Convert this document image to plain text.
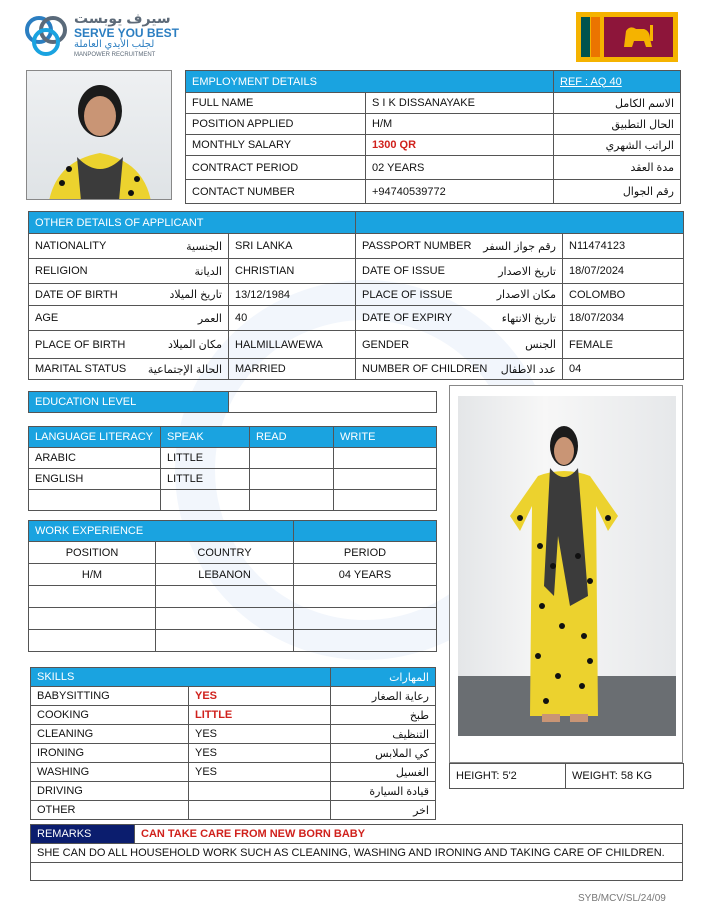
سيرف يوبست
SERVE YOU BEST
لجلب الأيدي العاملة
MANPOWER RECRUITMENT
EMPLOYMENT DETAILS		REF : AQ 40
FULL NAME	S I K DISSANAYAKE	الاسم الكامل
POSITION APPLIED	H/M	الحال التطبيق
MONTHLY SALARY	1300 QR	الراتب الشهري
CONTRACT PERIOD	02 YEARS	مدة العقد
CONTACT NUMBER	+94740539772	رقم الجوال
OTHER DETAILS OF APPLICANT	
NATIONALITY الجنسية	SRI LANKA	PASSPORT NUMBER رقم جواز السفر	N11474123

RELIGION الديانة	CHRISTIAN	DATE OF ISSUE تاريخ الاصدار	18/07/2024

DATE OF BIRTH تاريخ الميلاد	13/12/1984	PLACE OF ISSUE مكان الاصدار	COLOMBO

AGE العمر	40	DATE OF EXPIRY تاريخ الانتهاء	18/07/2034

PLACE OF BIRTH مكان الميلاد	HALMILLAWEWA	GENDER الجنس	FEMALE

MARITAL STATUS الحالة الإجتماعية	MARRIED	NUMBER OF CHILDREN عدد الاطفال	04
EDUCATION LEVEL	
LANGUAGE LITERACY	SPEAK	READ	WRITE
ARABIC	LITTLE		
ENGLISH	LITTLE		

WORK EXPERIENCE		
POSITION	COUNTRY	PERIOD
H/M	LEBANON	04 YEARS

SKILLS		المهارات
BABYSITTING	YES	رعاية الصغار
COOKING	LITTLE	طبخ
CLEANING	YES	التنظيف
IRONING	YES	كي الملابس
WASHING	YES	الغسيل
DRIVING		قيادة السيارة
OTHER		اخر
HEIGHT: 5'2	WEIGHT: 58 KG
REMARKS	CAN TAKE CARE FROM NEW BORN BABY
SHE CAN DO ALL HOUSEHOLD WORK SUCH AS CLEANING, WASHING AND IRONING AND TAKING CARE OF CHILDREN.

SYB/MCV/SL/24/09
